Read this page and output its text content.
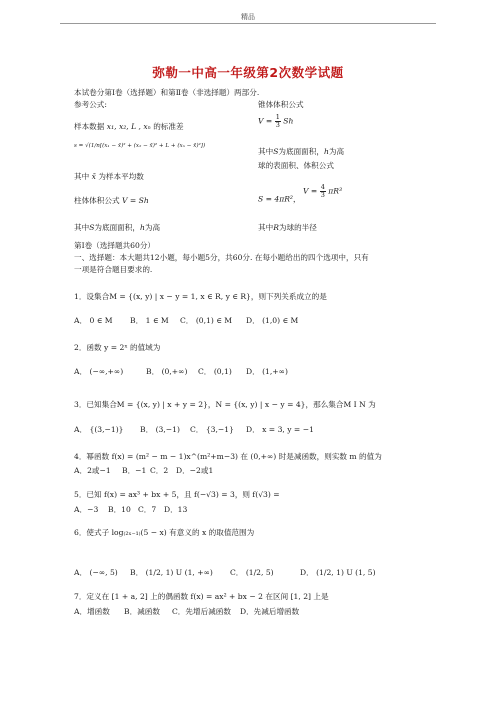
精品
弥勒一中高一年级第2次数学试题
本试卷分第Ⅰ卷（选择题）和第Ⅱ卷（非选择题）两部分.
参考公式:
样本数据 x₁, x₂, L , xₙ 的标准差
s = √(1/n[(x₁ − x̄)² + (x₂ − x̄)² + L + (xₙ − x̄)²])
其中 x̄ 为样本平均数
柱体体积公式 V = Sh
其中S为底面面积，h为高
锥体体积公式
$V = \frac{1}{3}$ Sh
其中S为底面面积，h为高
球的表面积、体积公式
S = 4πR²， $V = \frac{4}{3} \pi R^3$
其中R为球的半径
第Ⅰ卷（选择题共60分）
一、选择题：本大题共12小题，每小题5分，共60分. 在每小题给出的四个选项中，只有
一项是符合题目要求的.
1．设集合M = {(x, y) | x − y = 1, x ∈ R, y ∈ R}，则下列关系成立的是
A． 0 ∈ M B． 1 ∈ M C． (0,1) ∈ M D． (1,0) ∈ M
2．函数 y = 2ˣ 的值域为
A． (−∞,+∞)	B． (0,+∞) C． (0,1) D． (1,+∞)
3．已知集合M = {(x, y) | x + y = 2}，N = {(x, y) | x − y = 4}，那么集合M I N 为
A． {(3,−1)} B． (3,−1) C． {3,−1} D． x = 3, y = −1
4．幂函数 f(x) = (m² − m − 1)x^(m²+m−3) 在 (0,+∞) 时是减函数，则实数 m 的值为
A．2或−1 B．−1 C．2 D．−2或1
5．已知 f(x) = ax³ + bx + 5，且 f(−√3) = 3，则 f(√3) =
A．−3 B．10 C．7 D．13
6．使式子 log₍₂ₓ₋₁₎(5 − x) 有意义的 x 的取值范围为
A． (−∞, 5) B． (1/2, 1) U (1, +∞) C． (1/2, 5)	D． (1/2, 1) U (1, 5)
7．定义在 [1 + a, 2] 上的偶函数 f(x) = ax² + bx − 2 在区间 [1, 2] 上是
A．增函数 B．减函数 C．先增后减函数 D．先减后增函数
